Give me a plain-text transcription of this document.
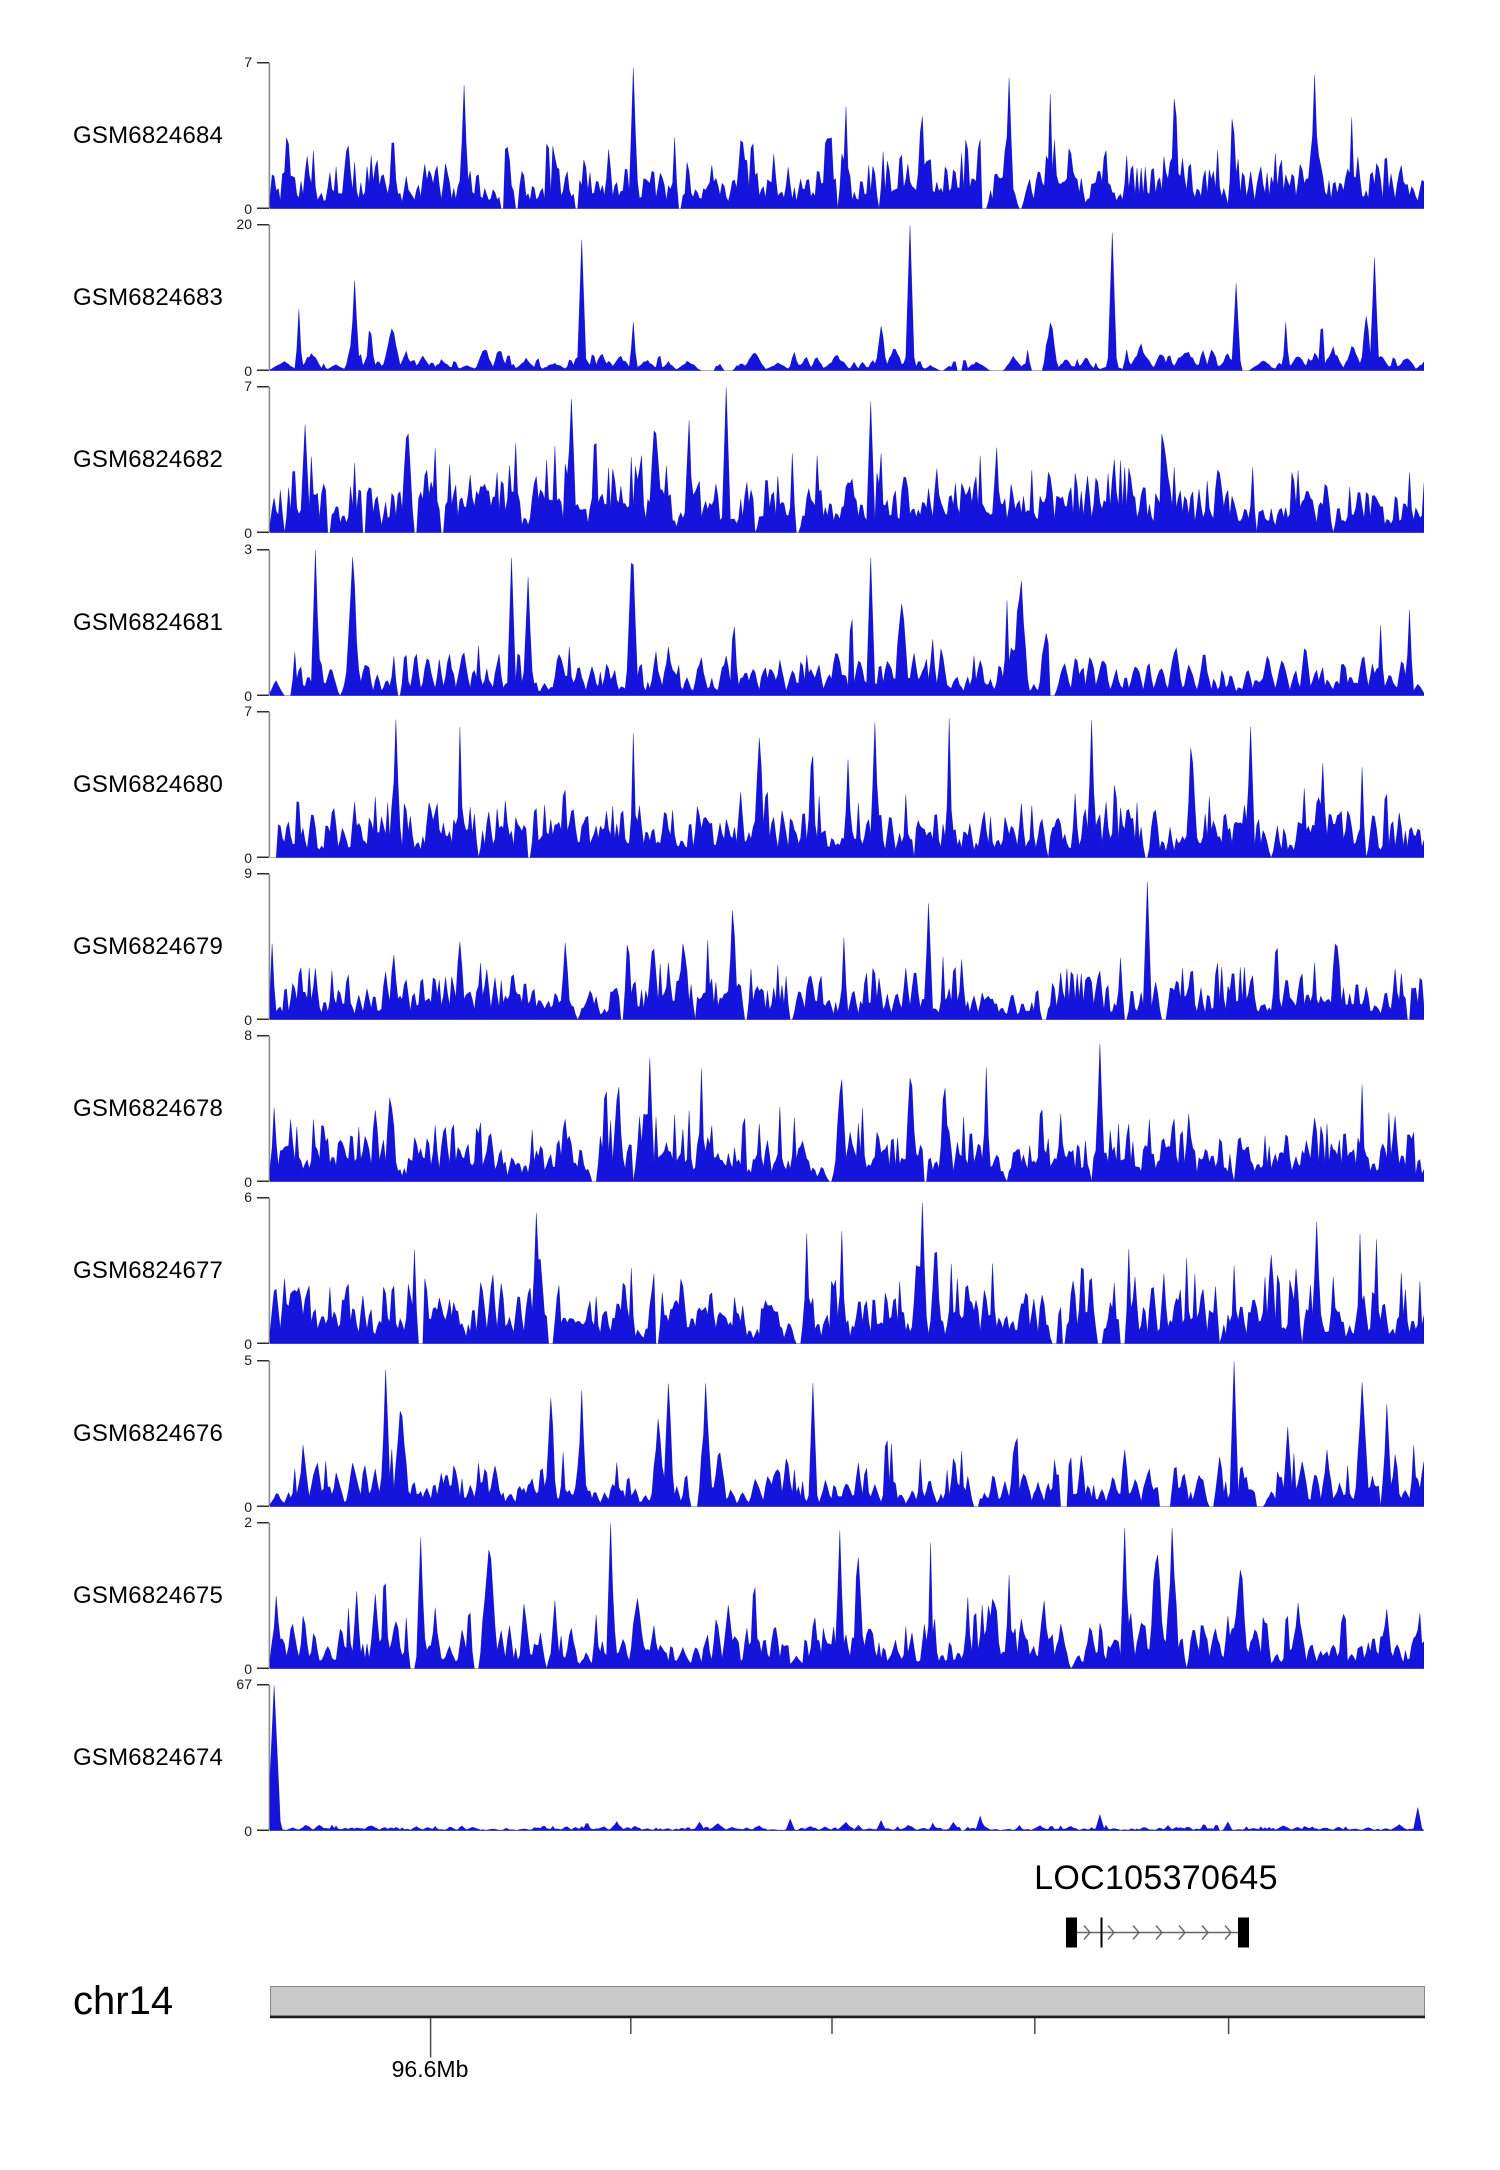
GSM6824684
7
0
GSM6824683
20
0
GSM6824682
7
0
GSM6824681
3
0
GSM6824680
7
0
GSM6824679
9
0
GSM6824678
8
0
GSM6824677
6
0
GSM6824676
5
0
GSM6824675
2
0
GSM6824674
67
0
LOC105370645
chr14
96.6Mb
